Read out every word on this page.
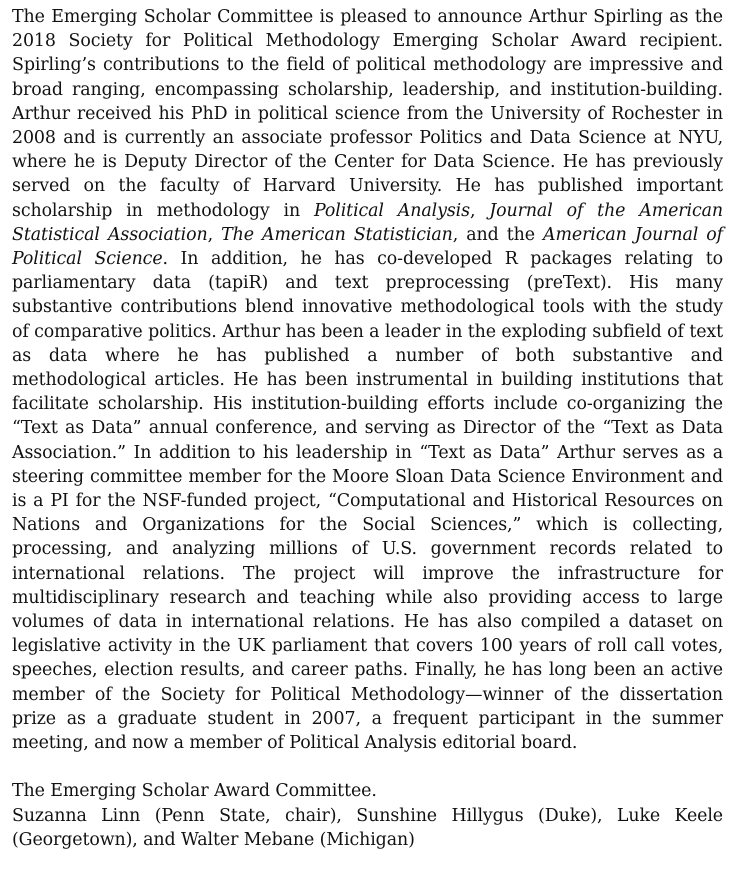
The Emerging Scholar Committee is pleased to announce Arthur Spirling as the 2018 Society for Political Methodology Emerging Scholar Award recipient. Spirling’s contributions to the field of political methodology are impressive and broad ranging, encompassing scholarship, leadership, and institution-building. Arthur received his PhD in political science from the University of Rochester in 2008 and is currently an associate professor Politics and Data Science at NYU, where he is Deputy Director of the Center for Data Science. He has previously served on the faculty of Harvard University. He has published important scholarship in methodology in Political Analysis, Journal of the American Statistical Association, The American Statistician, and the American Journal of Political Science. In addition, he has co-developed R packages relating to parliamentary data (tapiR) and text preprocessing (preText). His many substantive contributions blend innovative methodological tools with the study of comparative politics. Arthur has been a leader in the exploding subfield of text as data where he has published a number of both substantive and methodological articles. He has been instrumental in building institutions that facilitate scholarship. His institution-building efforts include co-organizing the “Text as Data” annual conference, and serving as Director of the “Text as Data Association.” In addition to his leadership in “Text as Data” Arthur serves as a steering committee member for the Moore Sloan Data Science Environment and is a PI for the NSF-funded project, “Computational and Historical Resources on Nations and Organizations for the Social Sciences,” which is collecting, processing, and analyzing millions of U.S. government records related to international relations. The project will improve the infrastructure for multidisciplinary research and teaching while also providing access to large volumes of data in international relations. He has also compiled a dataset on legislative activity in the UK parliament that covers 100 years of roll call votes, speeches, election results, and career paths. Finally, he has long been an active member of the Society for Political Methodology—winner of the dissertation prize as a graduate student in 2007, a frequent participant in the summer meeting, and now a member of Political Analysis editorial board.

The Emerging Scholar Award Committee.
Suzanna Linn (Penn State, chair), Sunshine Hillygus (Duke), Luke Keele (Georgetown), and Walter Mebane (Michigan)
